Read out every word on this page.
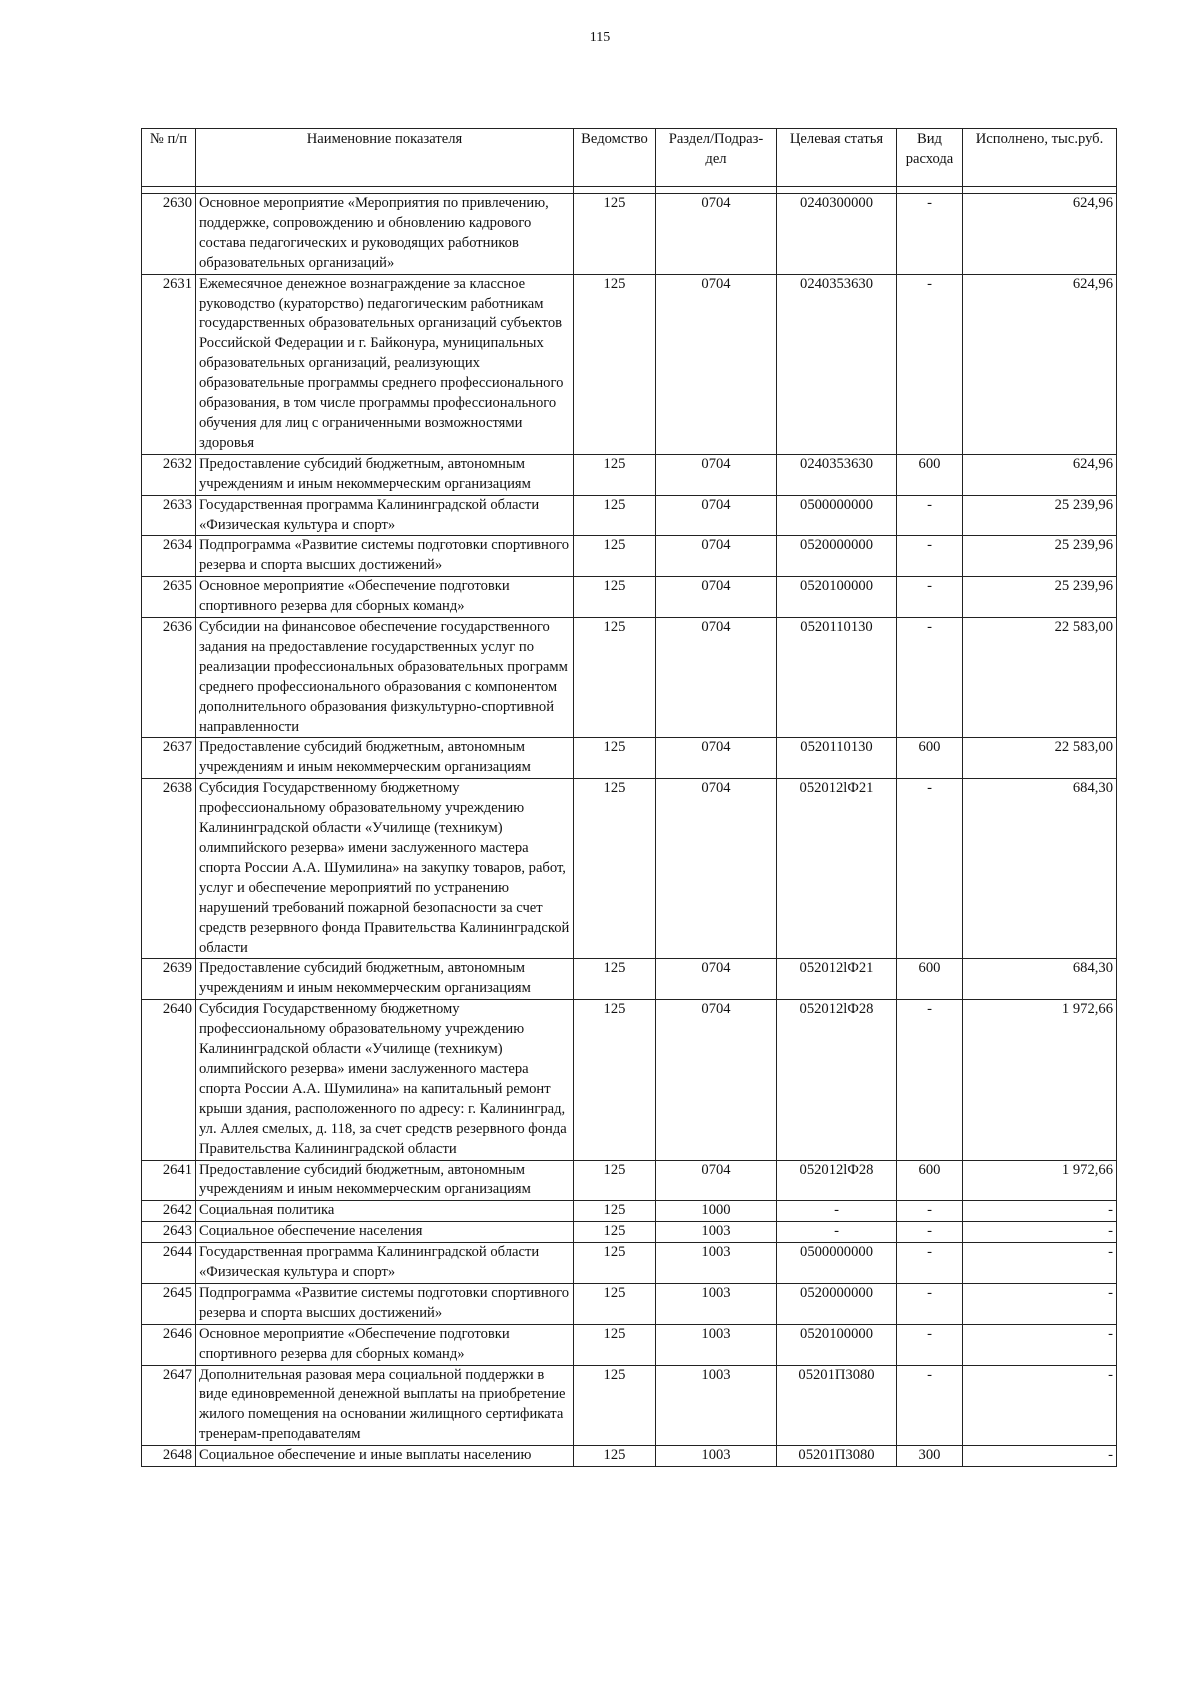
115
№ п/п	Наименовние показателя	Ведомство	Раздел/Подраз-дел	Целевая статья	Вид расхода	Исполнено, тыс.руб.

2630	Основное мероприятие «Мероприятия по привлечению, поддержке, сопровождению и обновлению кадрового состава педагогических и руководящих работников образовательных организаций»	125	0704	0240300000	-	624,96
2631	Ежемесячное денежное вознаграждение за классное руководство (кураторство) педагогическим работникам государственных образовательных организаций субъектов Российской Федерации и г. Байконура, муниципальных образовательных организаций, реализующих образовательные программы среднего профессионального образования, в том числе программы профессионального обучения для лиц с ограниченными возможностями здоровья	125	0704	0240353630	-	624,96
2632	Предоставление субсидий бюджетным, автономным учреждениям и иным некоммерческим организациям	125	0704	0240353630	600	624,96
2633	Государственная программа Калининградской области «Физическая культура и спорт»	125	0704	0500000000	-	25 239,96
2634	Подпрограмма «Развитие системы подготовки спортивного резерва и спорта высших достижений»	125	0704	0520000000	-	25 239,96
2635	Основное мероприятие «Обеспечение подготовки спортивного резерва для сборных команд»	125	0704	0520100000	-	25 239,96
2636	Субсидии на финансовое обеспечение государственного задания на предоставление государственных услуг по реализации профессиональных образовательных программ среднего профессионального образования с компонентом дополнительного образования физкультурно-спортивной направленности	125	0704	0520110130	-	22 583,00
2637	Предоставление субсидий бюджетным, автономным учреждениям и иным некоммерческим организациям	125	0704	0520110130	600	22 583,00
2638	Субсидия Государственному бюджетному профессиональному образовательному учреждению Калининградской области «Училище (техникум) олимпийского резерва» имени заслуженного мастера спорта России А.А. Шумилина» на закупку товаров, работ, услуг и обеспечение мероприятий по устранению нарушений требований пожарной безопасности за счет средств резервного фонда Правительства Калининградской области	125	0704	052012lФ21	-	684,30
2639	Предоставление субсидий бюджетным, автономным учреждениям и иным некоммерческим организациям	125	0704	052012lФ21	600	684,30
2640	Субсидия Государственному бюджетному профессиональному образовательному учреждению Калининградской области «Училище (техникум) олимпийского резерва» имени заслуженного мастера спорта России А.А. Шумилина» на капитальный ремонт крыши здания, расположенного по адресу: г. Калининград, ул. Аллея смелых, д. 118, за счет средств резервного фонда Правительства Калининградской области	125	0704	052012lФ28	-	1 972,66
2641	Предоставление субсидий бюджетным, автономным учреждениям и иным некоммерческим организациям	125	0704	052012lФ28	600	1 972,66
2642	Социальная политика	125	1000	-	-	-
2643	Социальное обеспечение населения	125	1003	-	-	-
2644	Государственная программа Калининградской области «Физическая культура и спорт»	125	1003	0500000000	-	-
2645	Подпрограмма «Развитие системы подготовки спортивного резерва и спорта высших достижений»	125	1003	0520000000	-	-
2646	Основное мероприятие «Обеспечение подготовки спортивного резерва для сборных команд»	125	1003	0520100000	-	-
2647	Дополнительная разовая мера социальной поддержки в виде единовременной денежной выплаты на приобретение жилого помещения на основании жилищного сертификата тренерам-преподавателям	125	1003	05201П3080	-	-
2648	Социальное обеспечение и иные выплаты населению	125	1003	05201П3080	300	-
